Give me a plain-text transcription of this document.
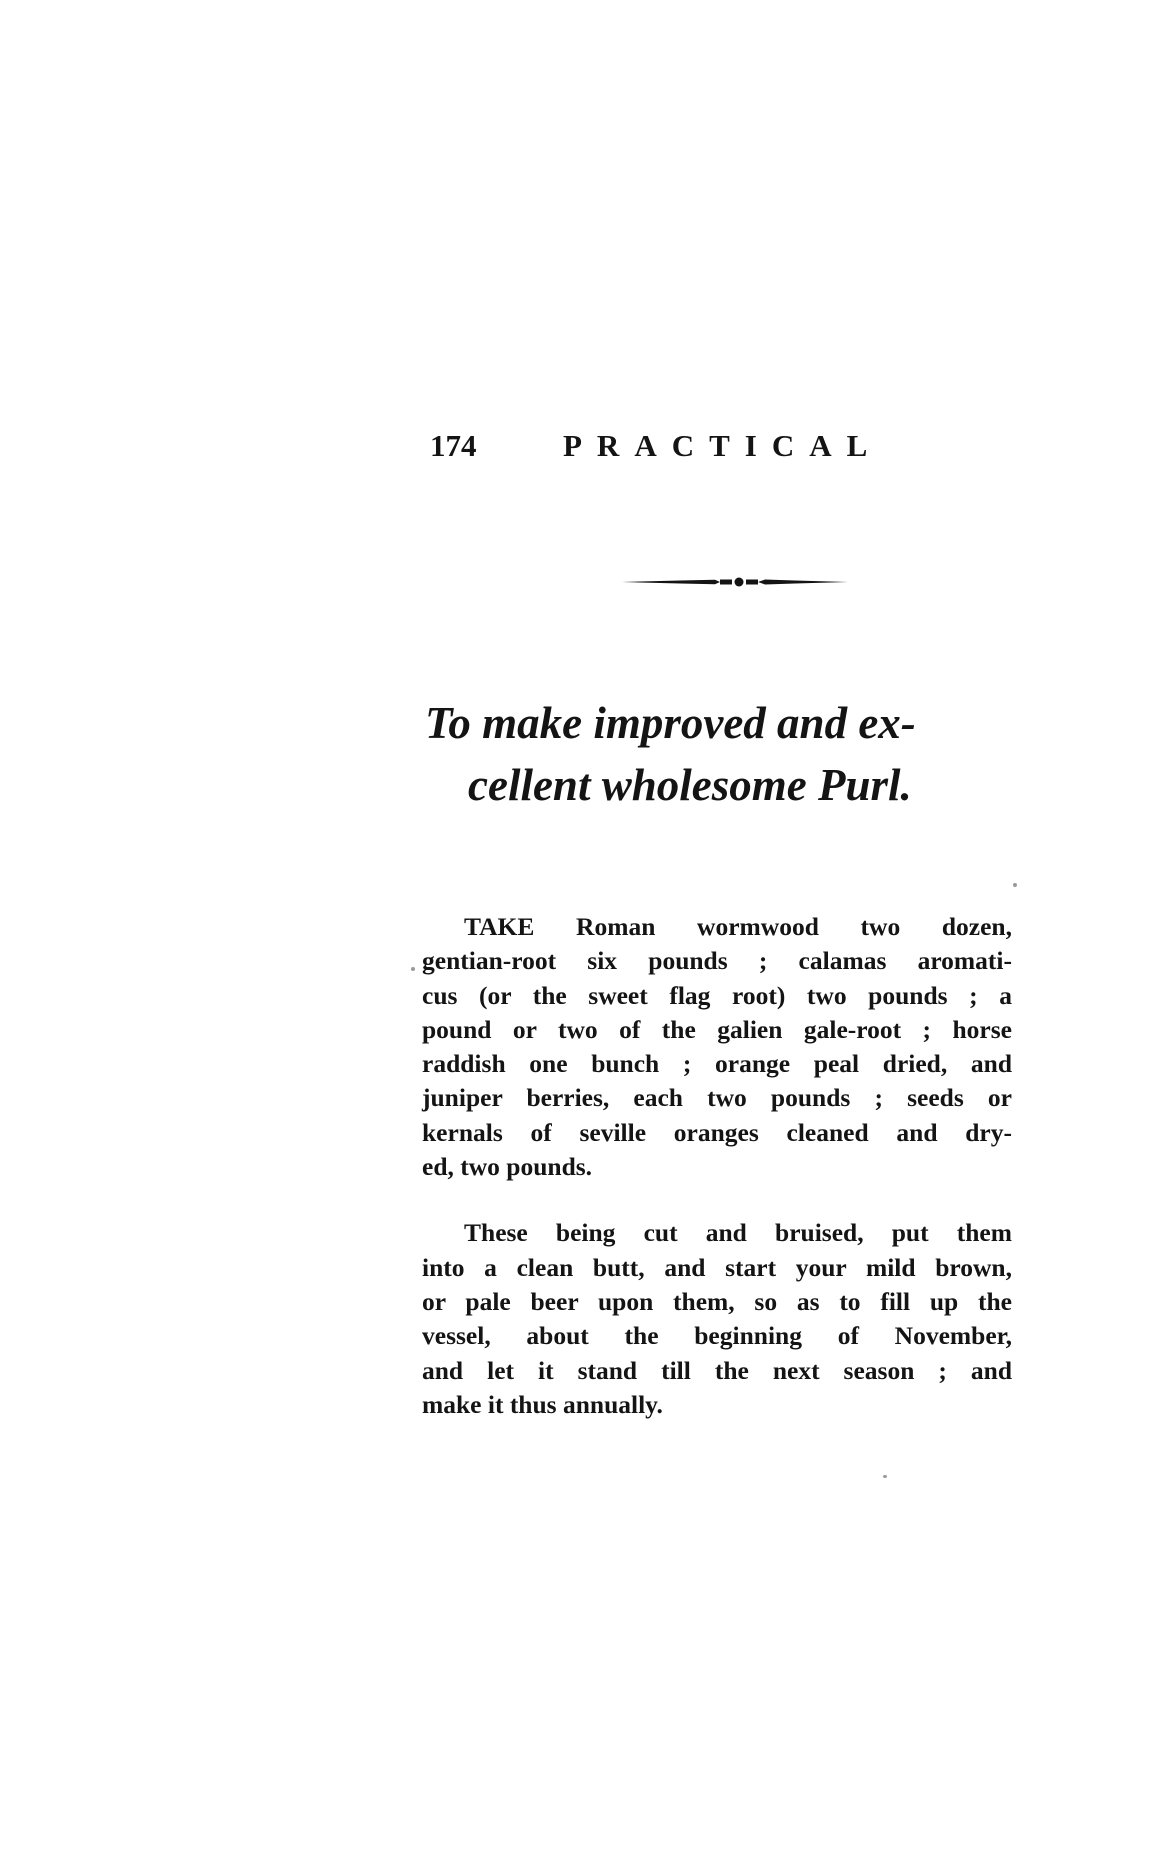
174	PRACTICAL
To make improved and ex-
cellent wholesome Purl.
TAKE Roman wormwood two dozen,
gentian-root six pounds ; calamas aromati-
cus (or the sweet flag root) two pounds ; a
pound or two of the galien gale-root ; horse
raddish one bunch ; orange peal dried, and
juniper berries, each two pounds ; seeds or
kernals of seville oranges cleaned and dry-
ed, two pounds.
These being cut and bruised, put them
into a clean butt, and start your mild brown,
or pale beer upon them, so as to fill up the
vessel, about the beginning of November,
and let it stand till the next season ; and
make it thus annually.
